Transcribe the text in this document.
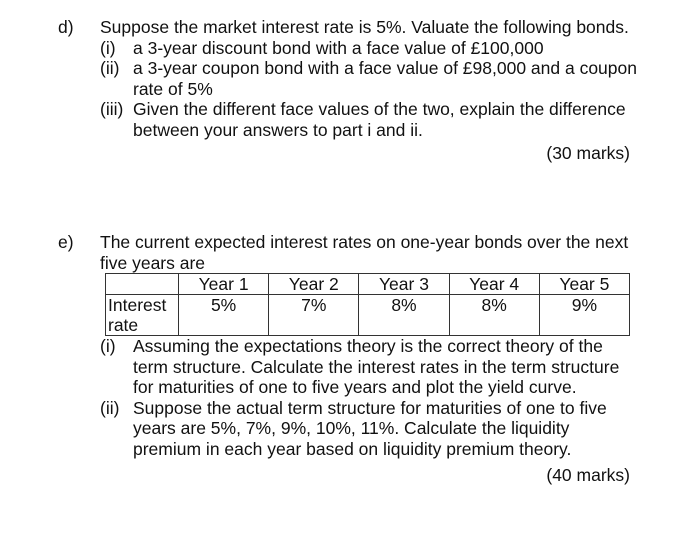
d) Suppose the market interest rate is 5%. Valuate the following bonds.
(i) a 3-year discount bond with a face value of £100,000
(ii) a 3-year coupon bond with a face value of £98,000 and a coupon rate of 5%
(iii) Given the different face values of the two, explain the difference between your answers to part i and ii.
(30 marks)
e) The current expected interest rates on one-year bonds over the next five years are
	Year 1	Year 2	Year 3	Year 4	Year 5
Interest rate	5%	7%	8%	8%	9%
(i) Assuming the expectations theory is the correct theory of the term structure. Calculate the interest rates in the term structure for maturities of one to five years and plot the yield curve.
(ii) Suppose the actual term structure for maturities of one to five years are 5%, 7%, 9%, 10%, 11%. Calculate the liquidity premium in each year based on liquidity premium theory.
(40 marks)
